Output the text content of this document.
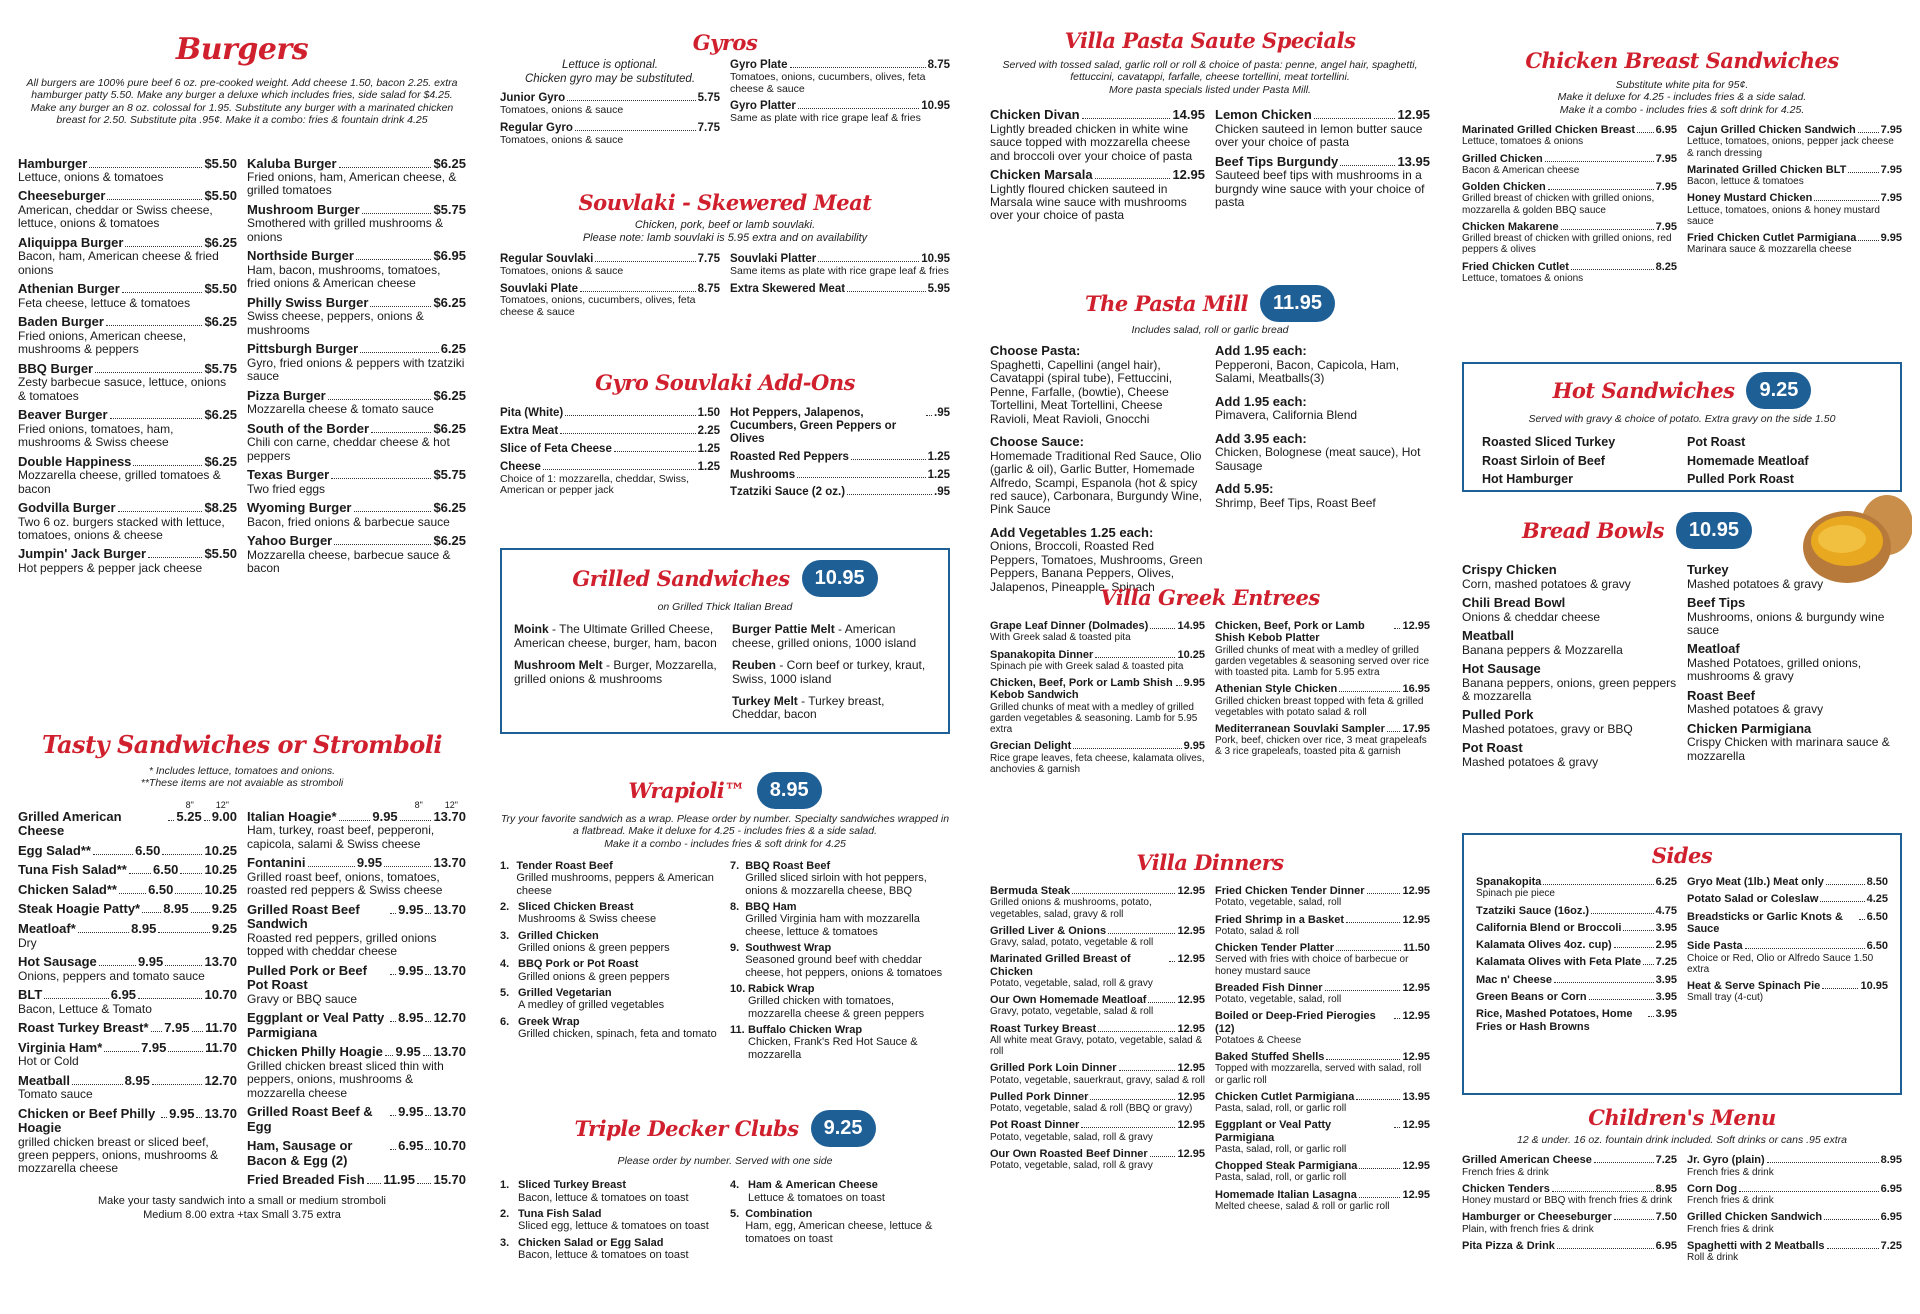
Burgers
All burgers are 100% pure beef 6 oz. pre-cooked weight. Add cheese 1.50, bacon 2.25. extra hamburger patty 5.50. Make any burger a deluxe which includes fries, side salad for $4.25. Make any burger an 8 oz. colossal for 1.95. Substitute any burger with a marinated chicken breast for 2.50. Substitute pita .95¢. Make it a combo: fries & fountain drink 4.25
Hamburger	$5.50
Lettuce, onions & tomatoes
Cheeseburger	$5.50
American, cheddar or Swiss cheese, lettuce, onions & tomatoes
Aliquippa Burger	$6.25
Bacon, ham, American cheese & fried onions
Athenian Burger	$5.50
Feta cheese, lettuce & tomatoes
Baden Burger	$6.25
Fried onions, American cheese, mushrooms & peppers
BBQ Burger	$5.75
Zesty barbecue sasuce, lettuce, onions & tomatoes
Beaver Burger	$6.25
Fried onions, tomatoes, ham, mushrooms & Swiss cheese
Double Happiness	$6.25
Mozzarella cheese, grilled tomatoes & bacon
Godvilla Burger	$8.25
Two 6 oz. burgers stacked with lettuce, tomatoes, onions & cheese
Jumpin' Jack Burger	$5.50
Hot peppers & pepper jack cheese
Kaluba Burger	$6.25
Fried onions, ham, American cheese, & grilled tomatoes
Mushroom Burger	$5.75
Smothered with grilled mushrooms & onions
Northside Burger	$6.95
Ham, bacon, mushrooms, tomatoes, fried onions & American cheese
Philly Swiss Burger	$6.25
Swiss cheese, peppers, onions & mushrooms
Pittsburgh Burger	6.25
Gyro, fried onions & peppers with tzatziki sauce
Pizza Burger	$6.25
Mozzarella cheese & tomato sauce
South of the Border	$6.25
Chili con carne, cheddar cheese & hot peppers
Texas Burger	$5.75
Two fried eggs
Wyoming Burger	$6.25
Bacon, fried onions & barbecue sauce
Yahoo Burger	$6.25
Mozzarella cheese, barbecue sauce & bacon
Tasty Sandwiches or Stromboli
* Includes lettuce, tomatoes and onions.
**These items are not avaiable as stromboli
8" 12"
Grilled American Cheese
5.25 9.00
Egg Salad**	6.50	10.25
Tuna Fish Salad** 6.50 10.25
Chicken Salad** 6.50 10.25
Steak Hoagie Patty* 8.95 9.25
Meatloaf*	8.95	9.25
Dry
Hot Sausage	9.95	13.70
Onions, peppers and tomato sauce
BLT	6.95	10.70
Bacon, Lettuce & Tomato
Roast Turkey Breast* 7.95 11.70
Virginia Ham*	7.95	11.70
Hot or Cold
Meatball	8.95	12.70
Tomato sauce
Chicken or Beef Philly Hoagie
9.95 13.70
grilled chicken breast or sliced beef, green peppers, onions, mushrooms & mozzarella cheese
8" 12"
Italian Hoagie*	9.95	13.70
Ham, turkey, roast beef, pepperoni, capicola, salami & Swiss cheese
Fontanini	9.95	13.70
Grilled roast beef, onions, tomatoes, roasted red peppers & Swiss cheese
Grilled Roast Beef Sandwich
9.95 13.70
Roasted red peppers, grilled onions topped with cheddar cheese
Pulled Pork or Beef Pot Roast
9.95 13.70
Gravy or BBQ sauce
Eggplant or Veal Patty Parmigiana
8.95 12.70
Chicken Philly Hoagie 9.95 13.70
Grilled chicken breast sliced thin with peppers, onions, mushrooms & mozzarella cheese
Grilled Roast Beef & Egg
9.95 13.70
Ham, Sausage or Bacon & Egg (2)
6.95 10.70
Fried Breaded Fish 11.95 15.70
Make your tasty sandwich into a small or medium stromboli
Medium 8.00 extra +tax Small 3.75 extra
Gyros
Lettuce is optional.
Chicken gyro may be substituted.
Junior Gyro	5.75
Tomatoes, onions & sauce
Regular Gyro	7.75
Tomatoes, onions & sauce
Gyro Plate	8.75
Tomatoes, onions, cucumbers, olives, feta cheese & sauce
Gyro Platter	10.95
Same as plate with rice grape leaf & fries
Souvlaki - Skewered Meat
Chicken, pork, beef or lamb souvlaki.
Please note: lamb souvlaki is 5.95 extra and on availability
Regular Souvlaki	7.75
Tomatoes, onions & sauce
Souvlaki Plate	8.75
Tomatoes, onions, cucumbers, olives, feta cheese & sauce
Souvlaki Platter	10.95
Same items as plate with rice grape leaf & fries
Extra Skewered Meat	5.95
Gyro Souvlaki Add-Ons
Pita (White)	1.50
Extra Meat	2.25
Slice of Feta Cheese	1.25
Cheese	1.25
Choice of 1: mozzarella, cheddar, Swiss, American or pepper jack
Hot Peppers, Jalapenos, Cucumbers, Green Peppers or Olives
.95
Roasted Red Peppers	1.25
Mushrooms	1.25
Tzatziki Sauce (2 oz.)	.95
Grilled Sandwiches	10.95
on Grilled Thick Italian Bread
Moink - The Ultimate Grilled Cheese, American cheese, burger, ham, bacon
Mushroom Melt - Burger, Mozzarella, grilled onions & mushrooms
Burger Pattie Melt - American cheese, grilled onions, 1000 island
Reuben - Corn beef or turkey, kraut, Swiss, 1000 island
Turkey Melt - Turkey breast, Cheddar, bacon
Wrapioli™	8.95
Try your favorite sandwich as a wrap. Please order by number. Specialty sandwiches wrapped in a flatbread. Make it deluxe for 4.25 - includes fries & a side salad.
Make it a combo - includes fries & soft drink for 4.25
1. Tender Roast Beef
Grilled mushrooms, peppers & American cheese
2. Sliced Chicken Breast
Mushrooms & Swiss cheese
3. Grilled Chicken
Grilled onions & green peppers
4. BBQ Pork or Pot Roast
Grilled onions & green peppers
5. Grilled Vegetarian
A medley of grilled vegetables
6. Greek Wrap
Grilled chicken, spinach, feta and tomato
7. BBQ Roast Beef
Grilled sliced sirloin with hot peppers, onions & mozzarella cheese, BBQ
8. BBQ Ham
Grilled Virginia ham with mozzarella cheese, lettuce & tomatoes
9. Southwest Wrap
Seasoned ground beef with cheddar cheese, hot peppers, onions & tomatoes
10. Rabick Wrap
Grilled chicken with tomatoes, mozzarella cheese & green peppers
11. Buffalo Chicken Wrap
Chicken, Frank's Red Hot Sauce & mozzarella
Triple Decker Clubs	9.25
Please order by number. Served with one side
1. Sliced Turkey Breast
Bacon, lettuce & tomatoes on toast
2. Tuna Fish Salad
Sliced egg, lettuce & tomatoes on toast
3. Chicken Salad or Egg Salad
Bacon, lettuce & tomatoes on toast
4. Ham & American Cheese
Lettuce & tomatoes on toast
5. Combination
Ham, egg, American cheese, lettuce & tomatoes on toast
Villa Pasta Saute Specials
Served with tossed salad, garlic roll or roll & choice of pasta: penne, angel hair, spaghetti, fettuccini, cavatappi, farfalle, cheese tortellini, meat tortellini.
More pasta specials listed under Pasta Mill.
Chicken Divan	14.95
Lightly breaded chicken in white wine sauce topped with mozzarella cheese and broccoli over your choice of pasta
Chicken Marsala	12.95
Lightly floured chicken sauteed in Marsala wine sauce with mushrooms over your choice of pasta
Lemon Chicken	12.95
Chicken sauteed in lemon butter sauce over your choice of pasta
Beef Tips Burgundy	13.95
Sauteed beef tips with mushrooms in a burgndy wine sauce with your choice of pasta
The Pasta Mill	11.95
Includes salad, roll or garlic bread
Choose Pasta:
Spaghetti, Capellini (angel hair), Cavatappi (spiral tube), Fettuccini, Penne, Farfalle, (bowtie), Cheese Tortellini, Meat Tortellini, Cheese Ravioli, Meat Ravioli, Gnocchi
Choose Sauce:
Homemade Traditional Red Sauce, Olio (garlic & oil), Garlic Butter, Homemade Alfredo, Scampi, Espanola (hot & spicy red sauce), Carbonara, Burgundy Wine, Pink Sauce
Add Vegetables 1.25 each:
Onions, Broccoli, Roasted Red Peppers, Tomatoes, Mushrooms, Green Peppers, Banana Peppers, Olives, Jalapenos, Pineapple, Spinach
Add 1.95 each:
Pepperoni, Bacon, Capicola, Ham, Salami, Meatballs(3)
Add 1.95 each:
Pimavera, California Blend
Add 3.95 each:
Chicken, Bolognese (meat sauce), Hot Sausage
Add 5.95:
Shrimp, Beef Tips, Roast Beef
Villa Greek Entrees
Grape Leaf Dinner (Dolmades)	14.95
With Greek salad & toasted pita
Spanakopita Dinner	10.25
Spinach pie with Greek salad & toasted pita
Chicken, Beef, Pork or Lamb Shish Kebob Sandwich
9.95
Grilled chunks of meat with a medley of grilled garden vegetables & seasoning. Lamb for 5.95 extra
Grecian Delight	9.95
Rice grape leaves, feta cheese, kalamata olives, anchovies & garnish
Chicken, Beef, Pork or Lamb Shish Kebob Platter
12.95
Grilled chunks of meat with a medley of grilled garden vegetables & seasoning served over rice with toasted pita. Lamb for 5.95 extra
Athenian Style Chicken	16.95
Grilled chicken breast topped with feta & grilled vegetables with potato salad & roll
Mediterranean Souvlaki Sampler 17.95
Pork, beef, chicken over rice, 3 meat grapeleafs & 3 rice grapeleafs, toasted pita & garnish
Villa Dinners
Bermuda Steak	12.95
Grilled onions & mushrooms, potato, vegetables, salad, gravy & roll
Grilled Liver & Onions	12.95
Gravy, salad, potato, vegetable & roll
Marinated Grilled Breast of Chicken
12.95
Potato, vegetable, salad, roll & gravy
Our Own Homemade Meatloaf	12.95
Gravy, potato, vegetable, salad & roll
Roast Turkey Breast	12.95
All white meat Gravy, potato, vegetable, salad & roll
Grilled Pork Loin Dinner	12.95
Potato, vegetable, sauerkraut, gravy, salad & roll
Pulled Pork Dinner	12.95
Potato, vegetable, salad & roll (BBQ or gravy)
Pot Roast Dinner	12.95
Potato, vegetable, salad, roll & gravy
Our Own Roasted Beef Dinner	12.95
Potato, vegetable, salad, roll & gravy
Fried Chicken Tender Dinner	12.95
Potato, vegetable, salad, roll
Fried Shrimp in a Basket	12.95
Potato, salad & roll
Chicken Tender Platter	11.50
Served with fries with choice of barbecue or honey mustard sauce
Breaded Fish Dinner	12.95
Potato, vegetable, salad, roll
Boiled or Deep-Fried Pierogies (12)
12.95
Potatoes & Cheese
Baked Stuffed Shells	12.95
Topped with mozzarella, served with salad, roll or garlic roll
Chicken Cutlet Parmigiana	13.95
Pasta, salad, roll, or garlic roll
Eggplant or Veal Patty Parmigiana
12.95
Pasta, salad, roll, or garlic roll
Chopped Steak Parmigiana	12.95
Pasta, salad, roll, or garlic roll
Homemade Italian Lasagna	12.95
Melted cheese, salad & roll or garlic roll
Chicken Breast Sandwiches
Substitute white pita for 95¢.
Make it deluxe for 4.25 - includes fries & a side salad.
Make it a combo - includes fries & soft drink for 4.25.
Marinated Grilled Chicken Breast 6.95
Lettuce, tomatoes & onions
Grilled Chicken	7.95
Bacon & American cheese
Golden Chicken	7.95
Grilled breast of chicken with grilled onions, mozzarella & golden BBQ sauce
Chicken Makarene	7.95
Grilled breast of chicken with grilled onions, red peppers & olives
Fried Chicken Cutlet	8.25
Lettuce, tomatoes & onions
Cajun Grilled Chicken Sandwich 7.95
Lettuce, tomatoes, onions, pepper jack cheese & ranch dressing
Marinated Grilled Chicken BLT	7.95
Bacon, lettuce & tomatoes
Honey Mustard Chicken	7.95
Lettuce, tomatoes, onions & honey mustard sauce
Fried Chicken Cutlet Parmigiana 9.95
Marinara sauce & mozzarella cheese
Hot Sandwiches	9.25
Served with gravy & choice of potato. Extra gravy on the side 1.50
Roasted Sliced Turkey
Roast Sirloin of Beef
Hot Hamburger
Pot Roast
Homemade Meatloaf
Pulled Pork Roast
Bread Bowls	10.95
Crispy Chicken
Corn, mashed potatoes & gravy
Chili Bread Bowl
Onions & cheddar cheese
Meatball
Banana peppers & Mozzarella
Hot Sausage
Banana peppers, onions, green peppers & mozzarella
Pulled Pork
Mashed potatoes, gravy or BBQ
Pot Roast
Mashed potatoes & gravy
Turkey
Mashed potatoes & gravy
Beef Tips
Mushrooms, onions & burgundy wine sauce
Meatloaf
Mashed Potatoes, grilled onions, mushrooms & gravy
Roast Beef
Mashed potatoes & gravy
Chicken Parmigiana
Crispy Chicken with marinara sauce & mozzarella
Sides
Spanakopita	6.25
Spinach pie piece
Tzatziki Sauce (16oz.)	4.75
California Blend or Broccoli	3.95
Kalamata Olives 4oz. cup)	2.95
Kalamata Olives with Feta Plate 7.25
Mac n' Cheese	3.95
Green Beans or Corn	3.95
Rice, Mashed Potatoes, Home Fries or Hash Browns
3.95
Gryo Meat (1lb.) Meat only	8.50
Potato Salad or Coleslaw	4.25
Breadsticks or Garlic Knots & Sauce
6.50
Side Pasta	6.50
Choice or Red, Olio or Alfredo Sauce 1.50 extra
Heat & Serve Spinach Pie	10.95
Small tray (4-cut)
Children's Menu
12 & under. 16 oz. fountain drink included. Soft drinks or cans .95 extra
Grilled American Cheese	7.25
French fries & drink
Chicken Tenders	8.95
Honey mustard or BBQ with french fries & drink
Hamburger or Cheeseburger	7.50
Plain, with french fries & drink
Pita Pizza & Drink	6.95
Jr. Gyro (plain)	8.95
French fries & drink
Corn Dog	6.95
French fries & drink
Grilled Chicken Sandwich	6.95
French fries & drink
Spaghetti with 2 Meatballs	7.25
Roll & drink
